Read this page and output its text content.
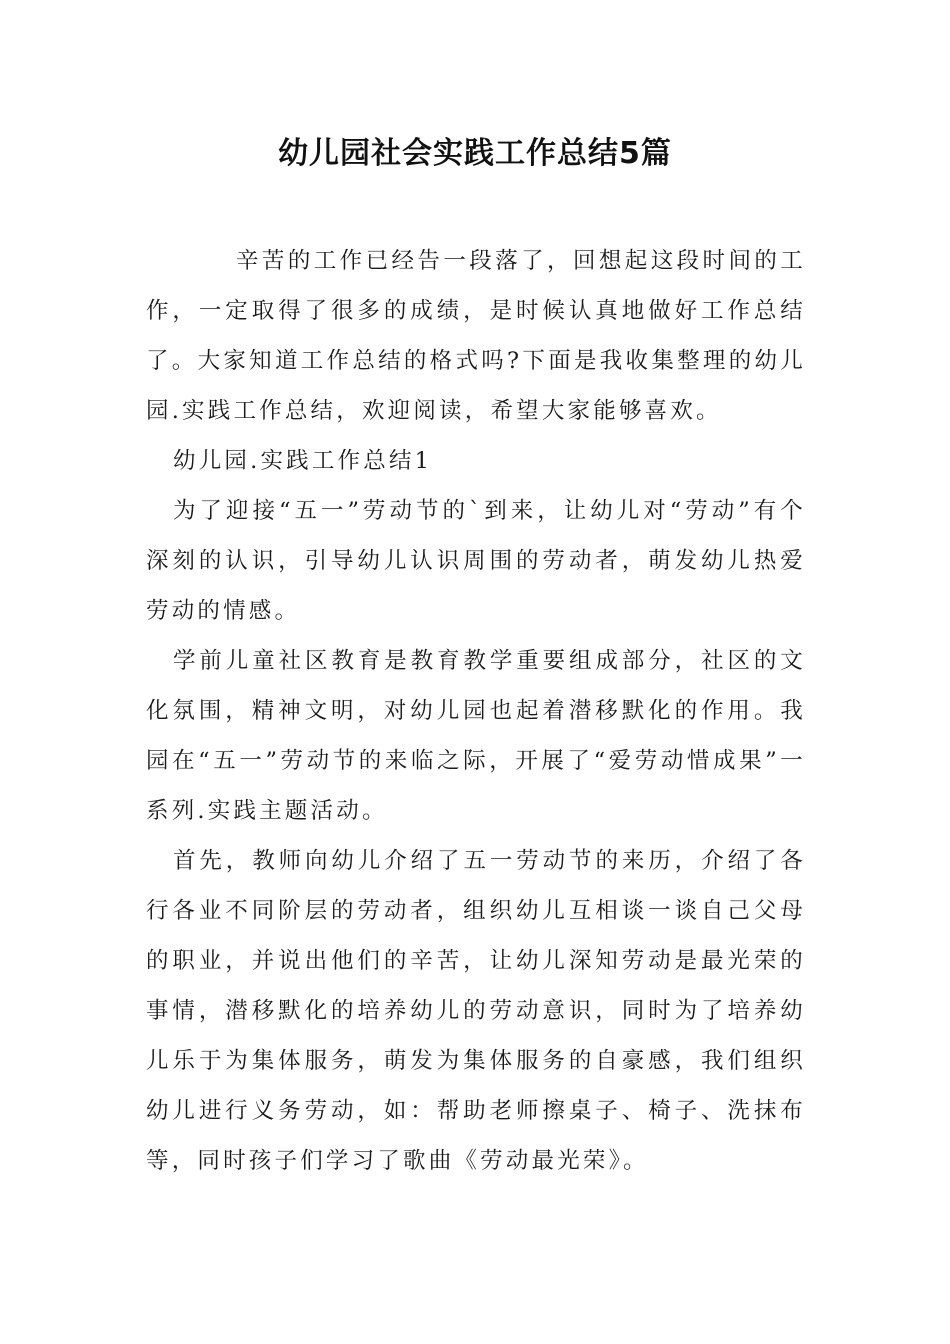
幼儿园社会实践工作总结5篇

辛苦的工作已经告一段落了，回想起这段时间的工作，一定取得了很多的成绩，是时候认真地做好工作总结了。大家知道工作总结的格式吗?下面是我收集整理的幼儿园.实践工作总结，欢迎阅读，希望大家能够喜欢。

幼儿园.实践工作总结1

为了迎接“五一”劳动节的`到来，让幼儿对“劳动”有个深刻的认识，引导幼儿认识周围的劳动者，萌发幼儿热爱劳动的情感。

学前儿童社区教育是教育教学重要组成部分，社区的文化氛围，精神文明，对幼儿园也起着潜移默化的作用。我园在“五一”劳动节的来临之际，开展了“爱劳动惜成果”一系列.实践主题活动。

首先，教师向幼儿介绍了五一劳动节的来历，介绍了各行各业不同阶层的劳动者，组织幼儿互相谈一谈自己父母的职业，并说出他们的辛苦，让幼儿深知劳动是最光荣的事情，潜移默化的培养幼儿的劳动意识，同时为了培养幼儿乐于为集体服务，萌发为集体服务的自豪感，我们组织幼儿进行义务劳动，如：帮助老师擦桌子、椅子、洗抹布等，同时孩子们学习了歌曲《劳动最光荣》。
